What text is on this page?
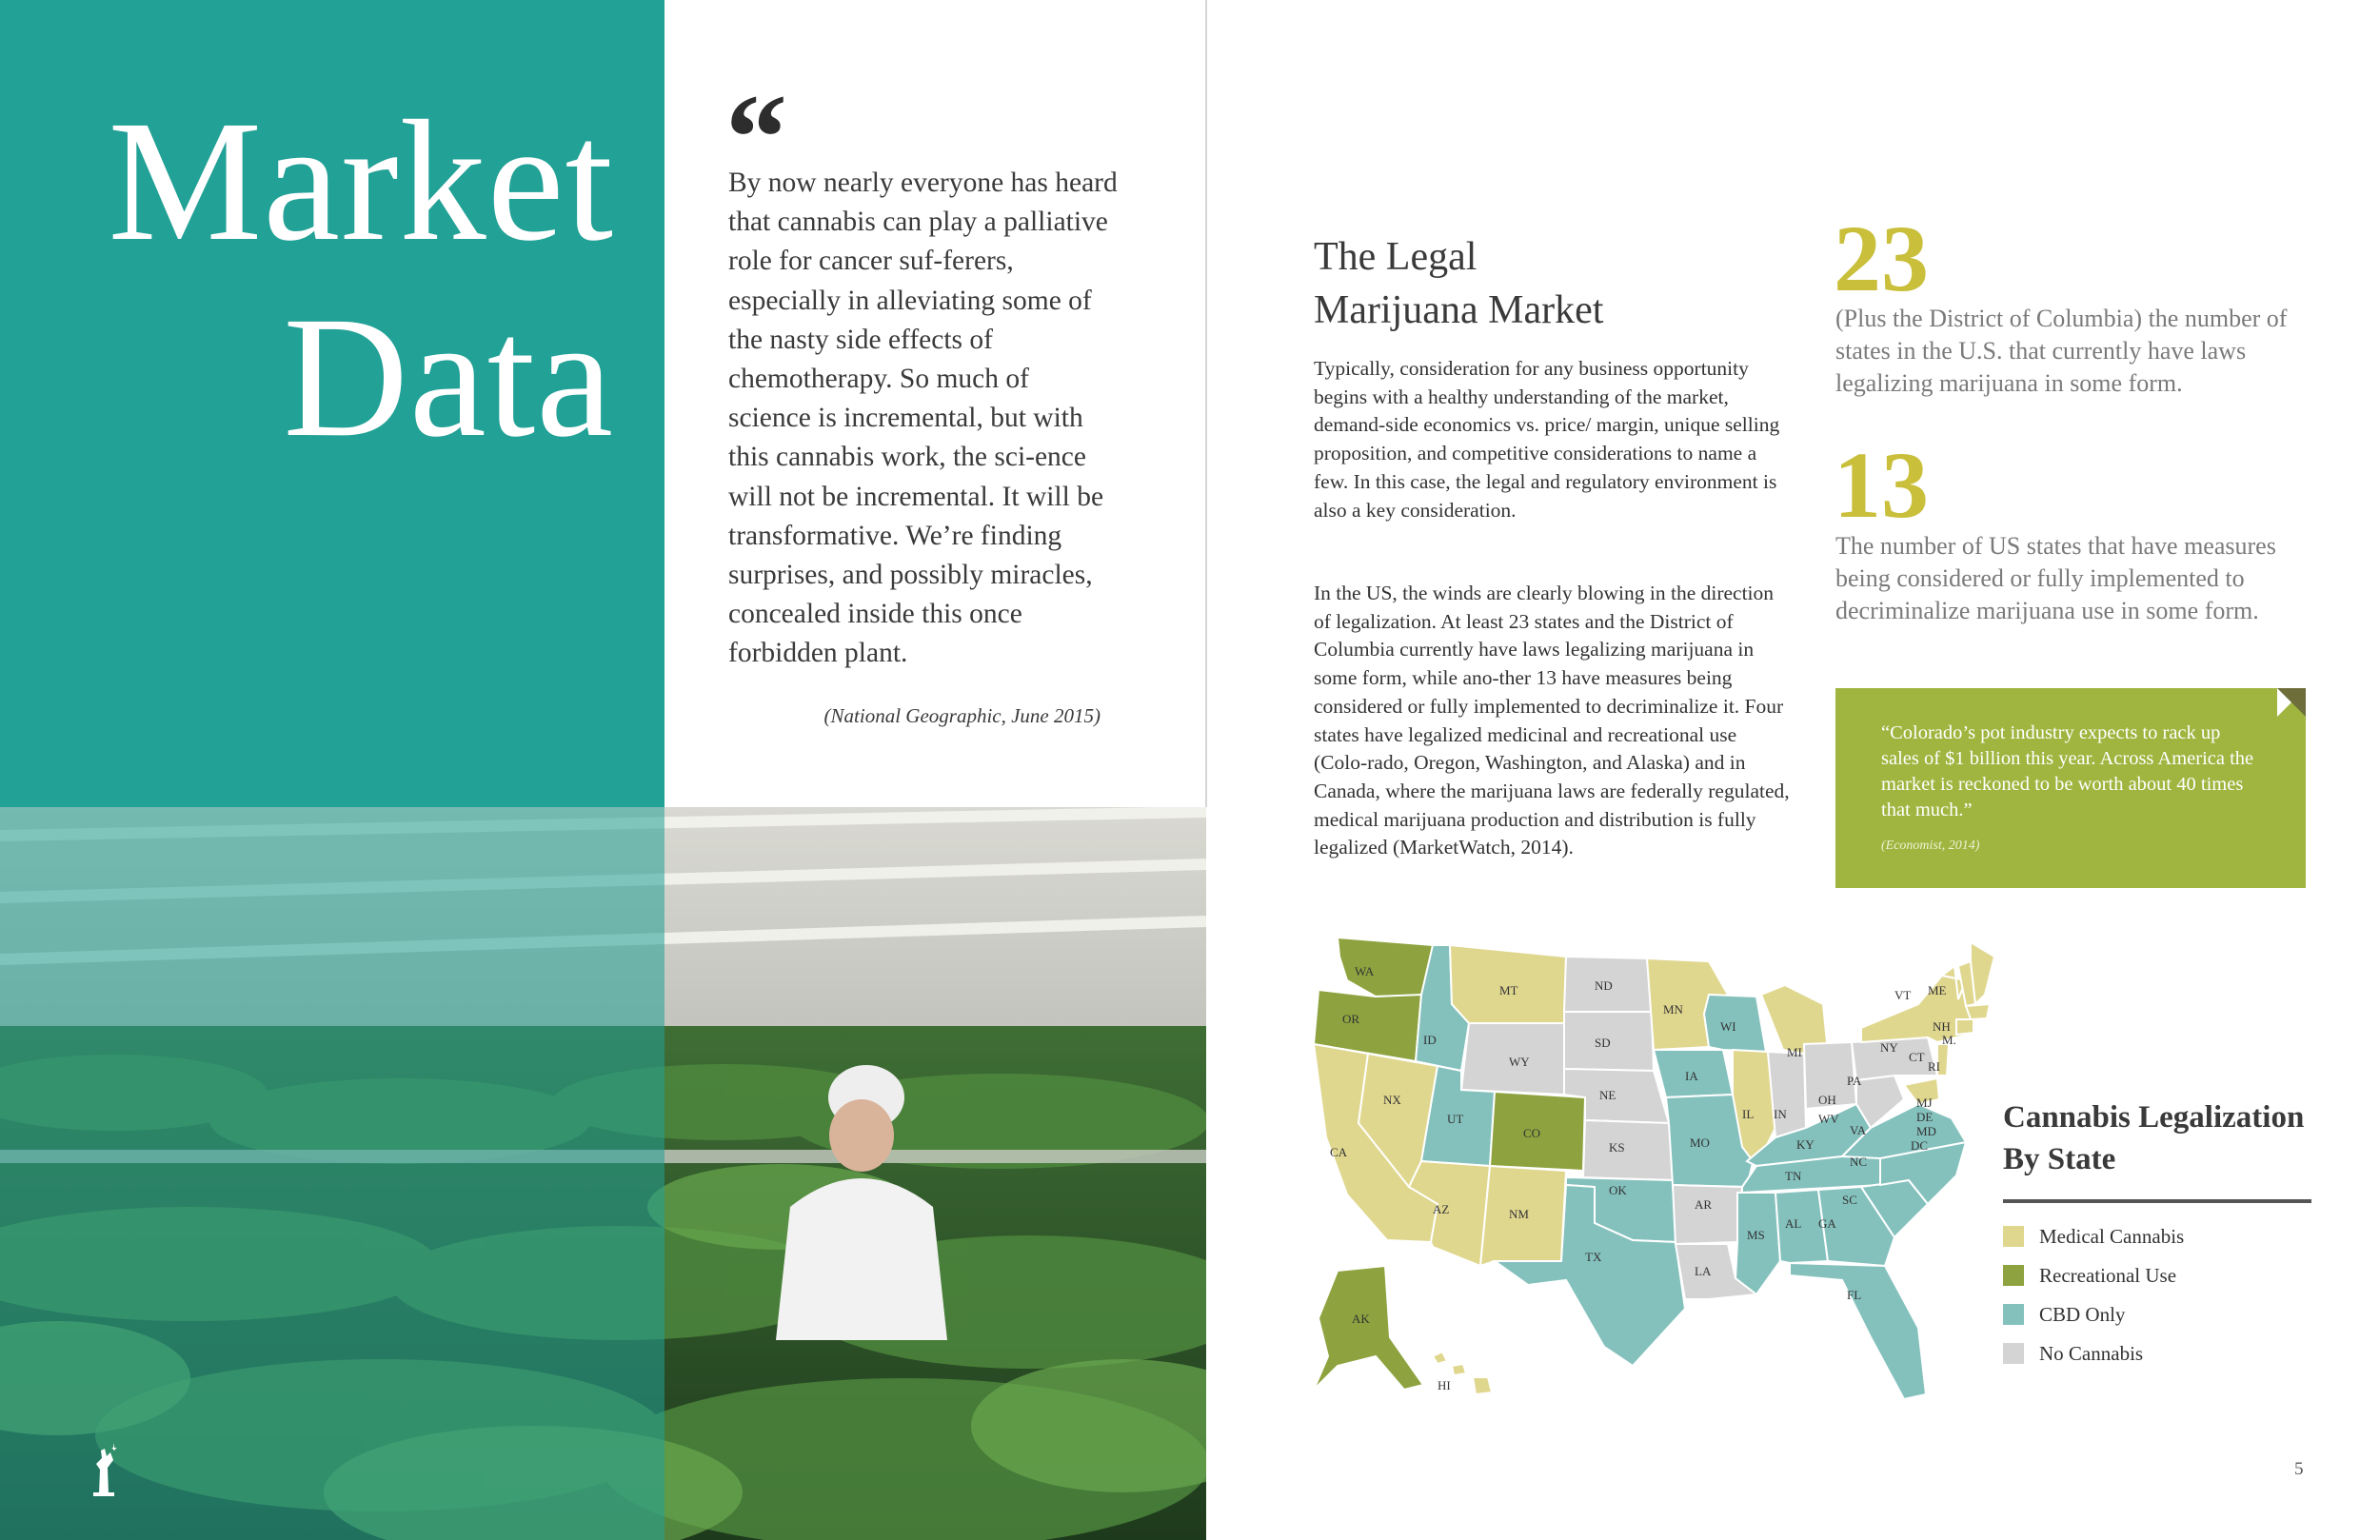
Market
Data
“

By now nearly everyone has heard that cannabis can play a palliative role for cancer suf-ferers, especially in alleviating some of the nasty side effects of chemotherapy. So much of science is incremental, but with this cannabis work, the sci-ence will not be incremental. It will be transformative. We’re finding surprises, and possibly miracles, concealed inside this once forbidden plant.

(National Geographic, June 2015)
The Legal
Marijuana Market

Typically, consideration for any business opportunity begins with a healthy understanding of the market, demand-side economics vs. price/ margin, unique selling proposition, and competitive considerations to name a few. In this case, the legal and regulatory environment is also a key consideration.

In the US, the winds are clearly blowing in the direction of legalization. At least 23 states and the District of Columbia currently have laws legalizing marijuana in some form, while ano-ther 13 have measures being considered or fully implemented to decriminalize it. Four states have legalized medicinal and recreational use (Colo-rado, Oregon, Washington, and Alaska) and in Canada, where the marijuana laws are federally regulated, medical marijuana production and distribution is fully legalized (MarketWatch, 2014).

23

(Plus the District of Columbia) the number of states in the U.S. that currently have laws legalizing marijuana in some form.

13

The number of US states that have measures being considered or fully implemented to decriminalize marijuana use in some form.

“Colorado’s pot industry expects to rack up sales of $1 billion this year. Across America the market is reckoned to be worth about 40 times that much.”

(Economist, 2014)
WA
OR
CA
NX
ID
MT
WY
UT
CO
AZ	NM
ND
SD
NE
KS
OK
TX
MN
IA
MO
AR
LA
WI
IL IN
MI
OH
KY
TN
MS
AL GA
FL
SC
NC
VA
WV
PA
NY
VT ME
NH
M.
CT
RI
MJ
DE
MD
DC
AK
HI
Cannabis Legalization
By State
Medical Cannabis
Recreational Use
CBD Only
No Cannabis
5
